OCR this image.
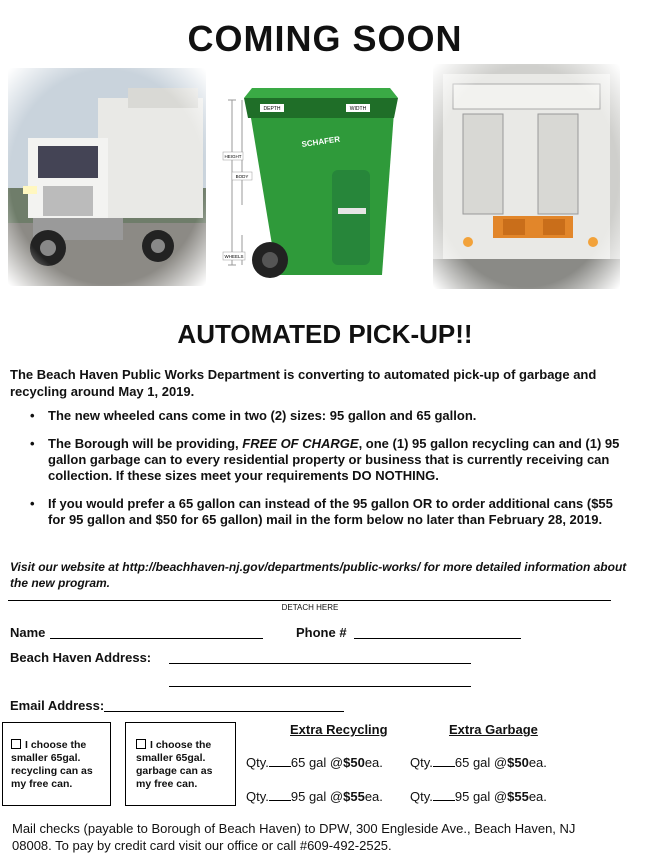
COMING SOON
DEPTH	WIDTH
SCHAFER
HEIGHT
BODY
WHEELS
AUTOMATED PICK-UP!!
The Beach Haven Public Works Department is converting to automated pick-up of garbage and recycling around May 1, 2019.
• The new wheeled cans come in two (2) sizes: 95 gallon and 65 gallon.
• The Borough will be providing, FREE OF CHARGE, one (1) 95 gallon recycling can and (1) 95 gallon garbage can to every residential property or business that is currently receiving can collection. If these sizes meet your requirements DO NOTHING.
• If you would prefer a 65 gallon can instead of the 95 gallon OR to order additional cans ($55 for 95 gallon and $50 for 65 gallon) mail in the form below no later than February 28, 2019.
Visit our website at http://beachhaven-nj.gov/departments/public-works/ for more detailed information about the new program.
DETACH HERE
Name	Phone #
Beach Haven Address:
Email Address:
I choose the smaller 65gal. recycling can as my free can.
I choose the smaller 65gal. garbage can as my free can.
Extra Recycling	Extra Garbage
Qty. 65 gal @$50ea. Qty. 65 gal @$50ea.
Qty. 95 gal @$55ea. Qty. 95 gal @$55ea.
Mail checks (payable to Borough of Beach Haven) to DPW, 300 Engleside Ave., Beach Haven, NJ 08008. To pay by credit card visit our office or call #609-492-2525.
